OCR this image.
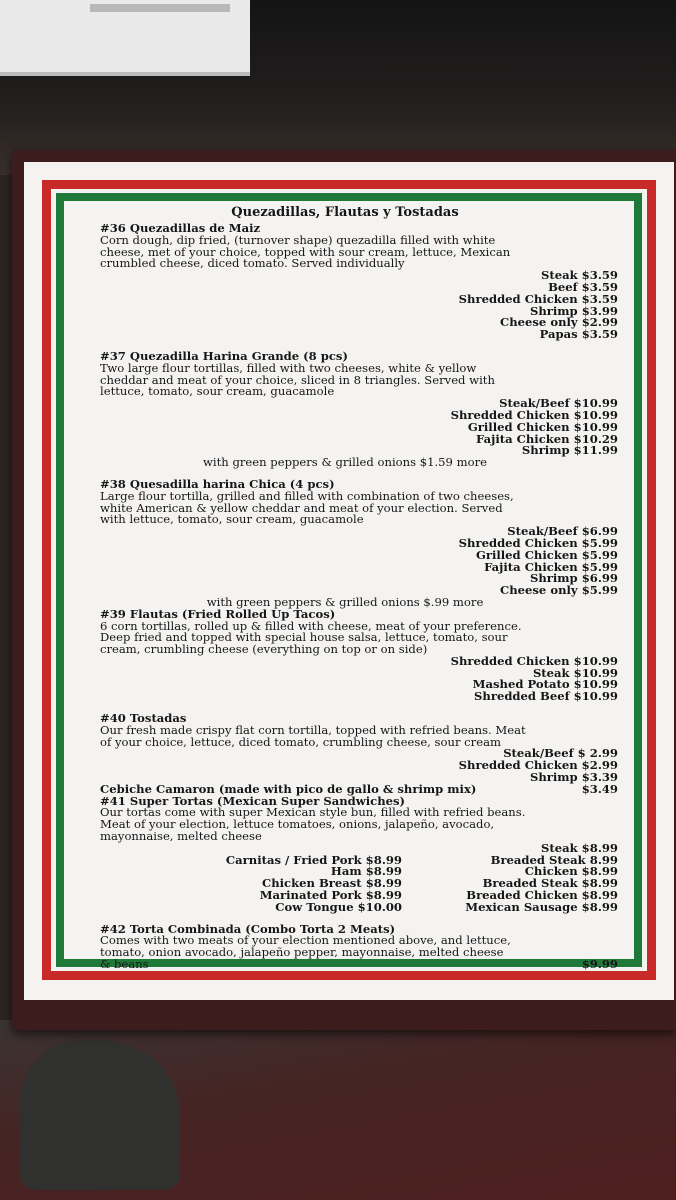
Quezadillas, Flautas y Tostadas
#36 Quezadillas de Maiz
Corn dough, dip fried, (turnover shape) quezadilla filled with white
cheese, met of your choice, topped with sour cream, lettuce, Mexican
crumbled cheese, diced tomato. Served individually
Steak $3.59
Beef $3.59
Shredded Chicken $3.59
Shrimp $3.99
Cheese only $2.99
Papas $3.59
#37 Quezadilla Harina Grande (8 pcs)
Two large flour tortillas, filled with two cheeses, white & yellow
cheddar and meat of your choice, sliced in 8 triangles. Served with
lettuce, tomato, sour cream, guacamole
Steak/Beef $10.99
Shredded Chicken $10.99
Grilled Chicken $10.99
Fajita Chicken $10.29
Shrimp $11.99
with green peppers & grilled onions $1.59 more
#38 Quesadilla harina Chica (4 pcs)
Large flour tortilla, grilled and filled with combination of two cheeses,
white American & yellow cheddar and meat of your election. Served
with lettuce, tomato, sour cream, guacamole
Steak/Beef $6.99
Shredded Chicken $5.99
Grilled Chicken $5.99
Fajita Chicken $5.99
Shrimp $6.99
Cheese only $5.99
with green peppers & grilled onions $.99 more
#39 Flautas (Fried Rolled Up Tacos)
6 corn tortillas, rolled up & filled with cheese, meat of your preference.
Deep fried and topped with special house salsa, lettuce, tomato, sour
cream, crumbling cheese (everything on top or on side)
Shredded Chicken $10.99
Steak $10.99
Mashed Potato $10.99
Shredded Beef $10.99
#40 Tostadas
Our fresh made crispy flat corn tortilla, topped with refried beans. Meat
of your choice, lettuce, diced tomato, crumbling cheese, sour cream
Steak/Beef $ 2.99
Shredded Chicken $2.99
Shrimp $3.39
Cebiche Camaron (made with pico de gallo & shrimp mix)	$3.49
#41 Super Tortas (Mexican Super Sandwiches)
Our tortas come with super Mexican style bun, filled with refried beans.
Meat of your election, lettuce tomatoes, onions, jalapeño, avocado,
mayonnaise, melted cheese
Steak $8.99
Carnitas / Fried Pork $8.99
Ham $8.99
Chicken Breast $8.99
Marinated Pork $8.99
Cow Tongue $10.00
Breaded Steak 8.99
Chicken $8.99
Breaded Steak $8.99
Breaded Chicken $8.99
Mexican Sausage $8.99
#42 Torta Combinada (Combo Torta 2 Meats)
Comes with two meats of your election mentioned above, and lettuce,
tomato, onion avocado, jalapeño pepper, mayonnaise, melted cheese
& beans	$9.99
